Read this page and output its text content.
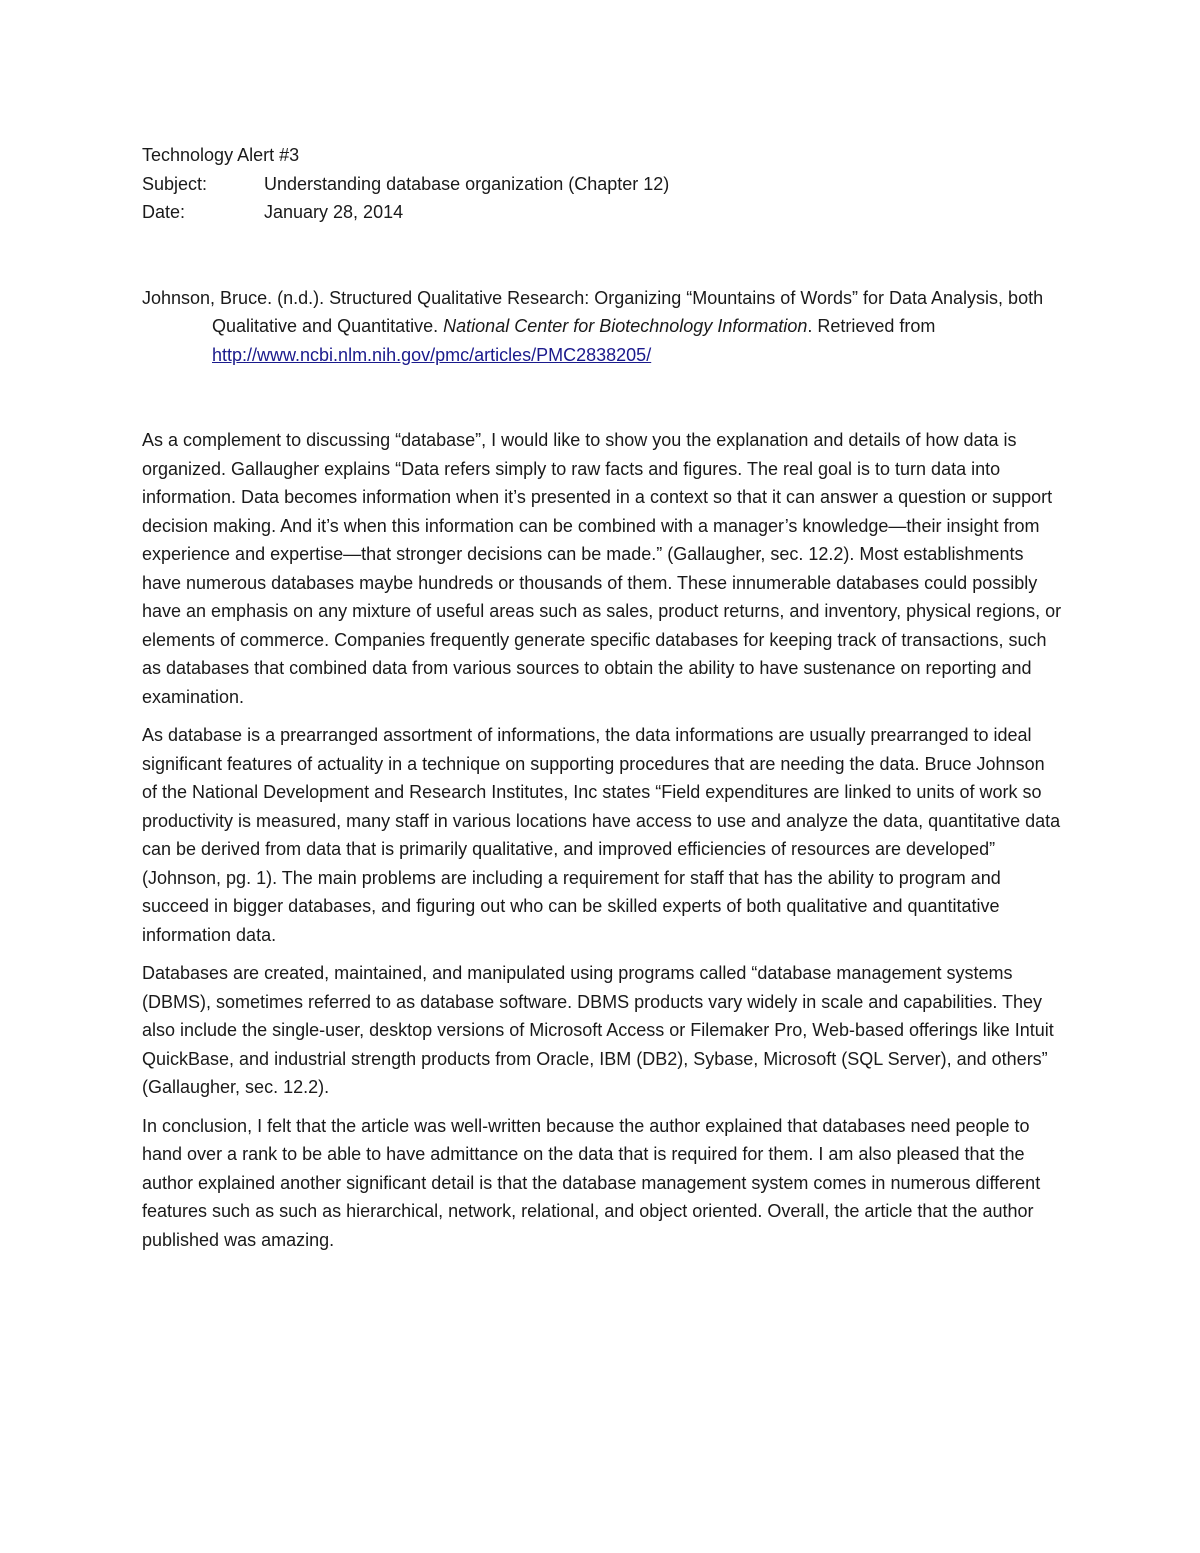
Technology Alert #3

Subject:	Understanding database organization (Chapter 12)
Date:	January 28, 2014

Johnson, Bruce. (n.d.). Structured Qualitative Research: Organizing “Mountains of Words” for Data Analysis, both Qualitative and Quantitative. National Center for Biotechnology Information. Retrieved from http://www.ncbi.nlm.nih.gov/pmc/articles/PMC2838205/

As a complement to discussing “database”, I would like to show you the explanation and details of how data is organized. Gallaugher explains “Data refers simply to raw facts and figures. The real goal is to turn data into information. Data becomes information when it’s presented in a context so that it can answer a question or support decision making. And it’s when this information can be combined with a manager’s knowledge—their insight from experience and expertise—that stronger decisions can be made.” (Gallaugher, sec. 12.2). Most establishments have numerous databases maybe hundreds or thousands of them. These innumerable databases could possibly have an emphasis on any mixture of useful areas such as sales, product returns, and inventory, physical regions, or elements of commerce. Companies frequently generate specific databases for keeping track of transactions, such as databases that combined data from various sources to obtain the ability to have sustenance on reporting and examination.

As database is a prearranged assortment of informations, the data informations are usually prearranged to ideal significant features of actuality in a technique on supporting procedures that are needing the data. Bruce Johnson of the National Development and Research Institutes, Inc states “Field expenditures are linked to units of work so productivity is measured, many staff in various locations have access to use and analyze the data, quantitative data can be derived from data that is primarily qualitative, and improved efficiencies of resources are developed” (Johnson, pg. 1). The main problems are including a requirement for staff that has the ability to program and succeed in bigger databases, and figuring out who can be skilled experts of both qualitative and quantitative information data.

Databases are created, maintained, and manipulated using programs called “database management systems (DBMS), sometimes referred to as database software. DBMS products vary widely in scale and capabilities. They also include the single-user, desktop versions of Microsoft Access or Filemaker Pro, Web-based offerings like Intuit QuickBase, and industrial strength products from Oracle, IBM (DB2), Sybase, Microsoft (SQL Server), and others” (Gallaugher, sec. 12.2).

In conclusion, I felt that the article was well-written because the author explained that databases need people to hand over a rank to be able to have admittance on the data that is required for them. I am also pleased that the author explained another significant detail is that the database management system comes in numerous different features such as such as hierarchical, network, relational, and object oriented. Overall, the article that the author published was amazing.
